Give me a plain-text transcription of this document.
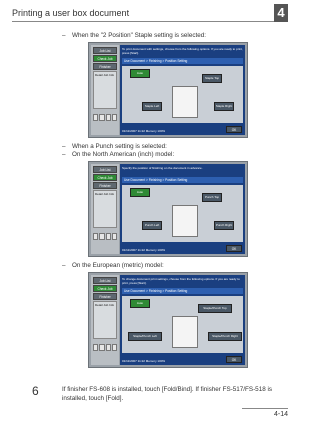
Printing a user box document	4
– When the "2 Position" Staple setting is selected:
Job List
Check Job
Finisher
Detail Job Info
To print document with settings, choose from the following options. If you are ready to print, press [Start].
Use Document > Finishing > Position Setting
Auto
Staple Top
Staple Left	Staple Right
01/11/2007 11:22 Memory 100%	OK
– When a Punch setting is selected:
– On the North American (inch) model:
Job List
Check Job
Finisher
Detail Job Info
Specify the position of finishing on the document in advance.
Use Document > Finishing > Position Setting
Auto
Punch Top
Punch Left	Punch Right
01/11/2007 11:22 Memory 100%	OK
– On the European (metric) model:
Job List
Check Job
Finisher
Detail Job Info
To change document print settings, choose from the following options. If you are ready to print, press [Start].
Use Document > Finishing > Position Setting
Auto
Staple/Punch Top
Staple/Punch Left	Staple/Punch Right
01/11/2007 11:22 Memory 100%	OK
6	If finisher FS-608 is installed, touch [Fold/Bind]. If finisher FS-517/FS-518 is installed, touch [Fold].
4-14
